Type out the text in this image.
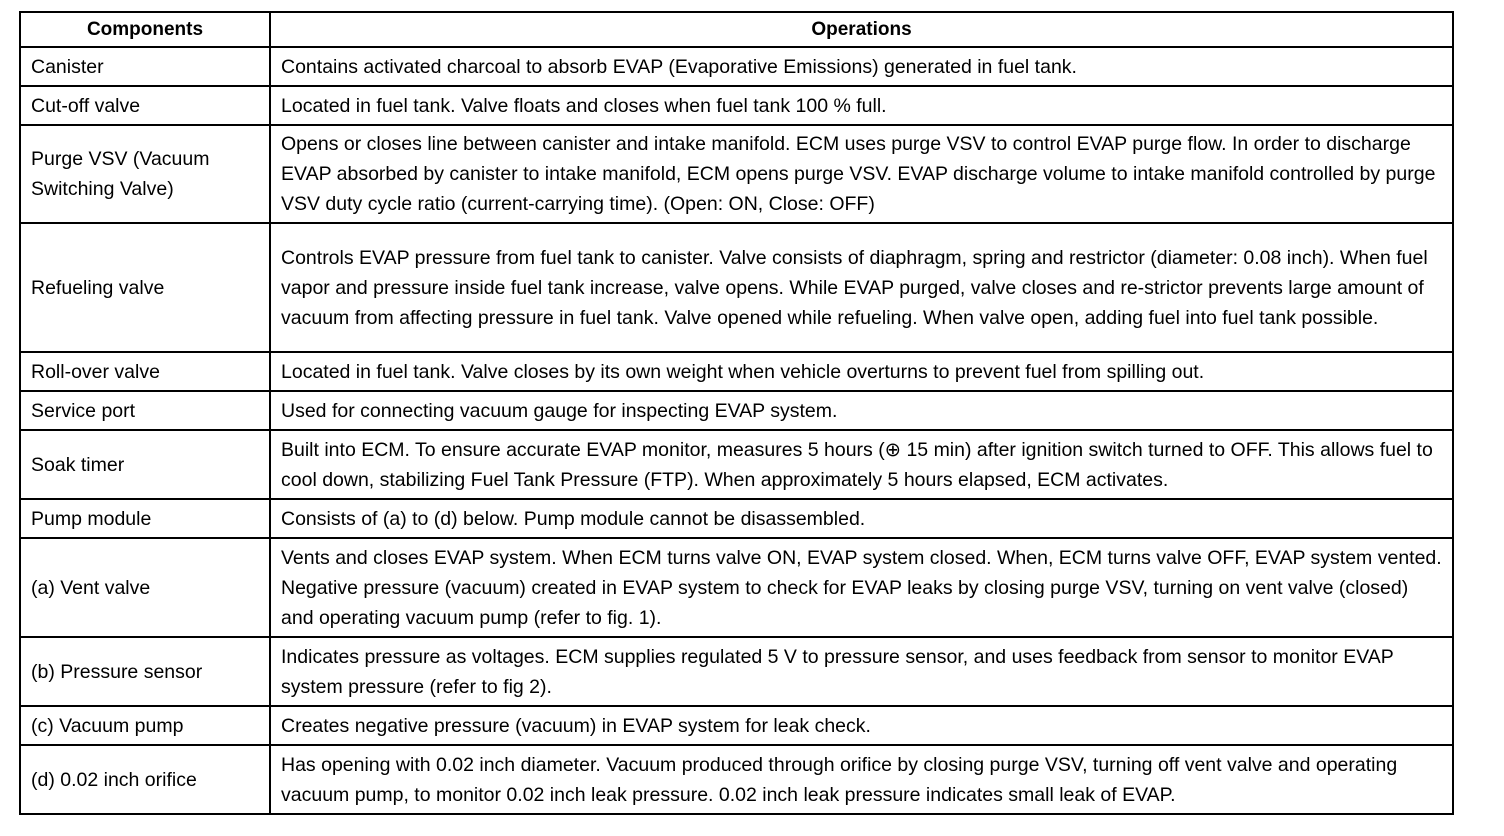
Components	Operations
Canister	Contains activated charcoal to absorb EVAP (Evaporative Emissions) generated in fuel tank.
Cut-off valve	Located in fuel tank. Valve floats and closes when fuel tank 100 % full.
Purge VSV (Vacuum Switching Valve)	Opens or closes line between canister and intake manifold. ECM uses purge VSV to control EVAP purge flow. In order to discharge EVAP absorbed by canister to intake manifold, ECM opens purge VSV. EVAP discharge volume to intake manifold controlled by purge VSV duty cycle ratio (current-carrying time). (Open: ON, Close: OFF)
Refueling valve	Controls EVAP pressure from fuel tank to canister. Valve consists of diaphragm, spring and restrictor (diameter: 0.08 inch). When fuel vapor and pressure inside fuel tank increase, valve opens. While EVAP purged, valve closes and re-strictor prevents large amount of vacuum from affecting pressure in fuel tank. Valve opened while refueling. When valve open, adding fuel into fuel tank possible.
Roll-over valve	Located in fuel tank. Valve closes by its own weight when vehicle overturns to prevent fuel from spilling out.
Service port	Used for connecting vacuum gauge for inspecting EVAP system.
Soak timer	Built into ECM. To ensure accurate EVAP monitor, measures 5 hours (⊕ 15 min) after ignition switch turned to OFF. This allows fuel to cool down, stabilizing Fuel Tank Pressure (FTP). When approximately 5 hours elapsed, ECM activates.
Pump module	Consists of (a) to (d) below. Pump module cannot be disassembled.
(a) Vent valve	Vents and closes EVAP system. When ECM turns valve ON, EVAP system closed. When, ECM turns valve OFF, EVAP system vented. Negative pressure (vacuum) created in EVAP system to check for EVAP leaks by closing purge VSV, turning on vent valve (closed) and operating vacuum pump (refer to fig. 1).
(b) Pressure sensor	Indicates pressure as voltages. ECM supplies regulated 5 V to pressure sensor, and uses feedback from sensor to monitor EVAP system pressure (refer to fig 2).
(c) Vacuum pump	Creates negative pressure (vacuum) in EVAP system for leak check.
(d) 0.02 inch orifice	Has opening with 0.02 inch diameter. Vacuum produced through orifice by closing purge VSV, turning off vent valve and operating vacuum pump, to monitor 0.02 inch leak pressure. 0.02 inch leak pressure indicates small leak of EVAP.
